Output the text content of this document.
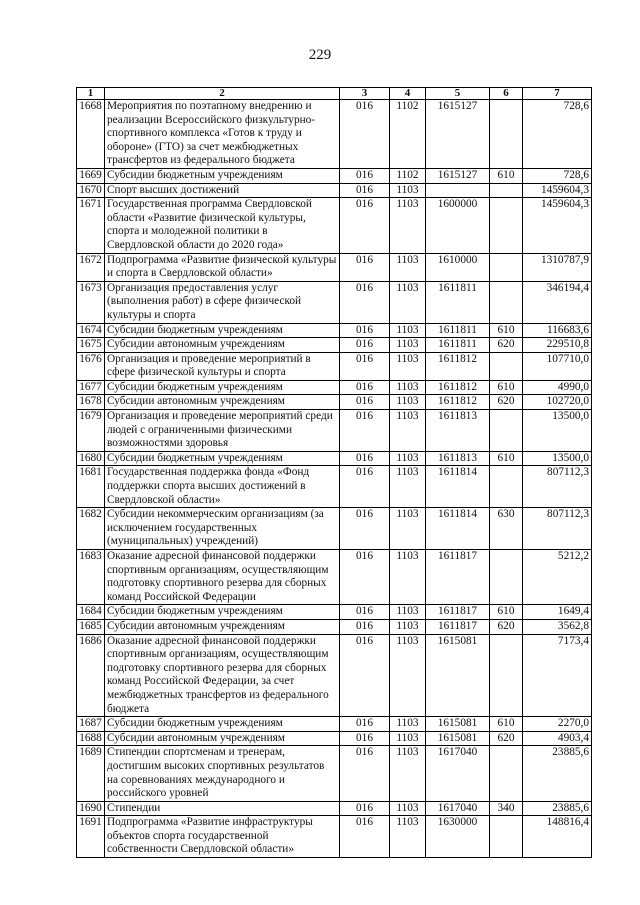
229
1	2	3	4	5	6	7
1668	Мероприятия по поэтапному внедрению и реализации Всероссийского физкультурно-спортивного комплекса «Готов к труду и обороне» (ГТО) за счет межбюджетных трансфертов из федерального бюджета	016	1102	1615127		728,6
1669	Субсидии бюджетным учреждениям	016	1102	1615127	610	728,6
1670	Спорт высших достижений	016	1103			1459604,3
1671	Государственная программа Свердловской области «Развитие физической культуры, спорта и молодежной политики в Свердловской области до 2020 года»	016	1103	1600000		1459604,3
1672	Подпрограмма «Развитие физической культуры и спорта в Свердловской области»	016	1103	1610000		1310787,9
1673	Организация предоставления услуг (выполнения работ) в сфере физической культуры и спорта	016	1103	1611811		346194,4
1674	Субсидии бюджетным учреждениям	016	1103	1611811	610	116683,6
1675	Субсидии автономным учреждениям	016	1103	1611811	620	229510,8
1676	Организация и проведение мероприятий в сфере физической культуры и спорта	016	1103	1611812		107710,0
1677	Субсидии бюджетным учреждениям	016	1103	1611812	610	4990,0
1678	Субсидии автономным учреждениям	016	1103	1611812	620	102720,0
1679	Организация и проведение мероприятий среди людей с ограниченными физическими возможностями здоровья	016	1103	1611813		13500,0
1680	Субсидии бюджетным учреждениям	016	1103	1611813	610	13500,0
1681	Государственная поддержка фонда «Фонд поддержки спорта высших достижений в Свердловской области»	016	1103	1611814		807112,3
1682	Субсидии некоммерческим организациям (за исключением государственных (муниципальных) учреждений)	016	1103	1611814	630	807112,3
1683	Оказание адресной финансовой поддержки спортивным организациям, осуществляющим подготовку спортивного резерва для сборных команд Российской Федерации	016	1103	1611817		5212,2
1684	Субсидии бюджетным учреждениям	016	1103	1611817	610	1649,4
1685	Субсидии автономным учреждениям	016	1103	1611817	620	3562,8
1686	Оказание адресной финансовой поддержки спортивным организациям, осуществляющим подготовку спортивного резерва для сборных команд Российской Федерации, за счет межбюджетных трансфертов из федерального бюджета	016	1103	1615081		7173,4
1687	Субсидии бюджетным учреждениям	016	1103	1615081	610	2270,0
1688	Субсидии автономным учреждениям	016	1103	1615081	620	4903,4
1689	Стипендии спортсменам и тренерам, достигшим высоких спортивных результатов на соревнованиях международного и российского уровней	016	1103	1617040		23885,6
1690	Стипендии	016	1103	1617040	340	23885,6
1691	Подпрограмма «Развитие инфраструктуры объектов спорта государственной собственности Свердловской области»	016	1103	1630000		148816,4
